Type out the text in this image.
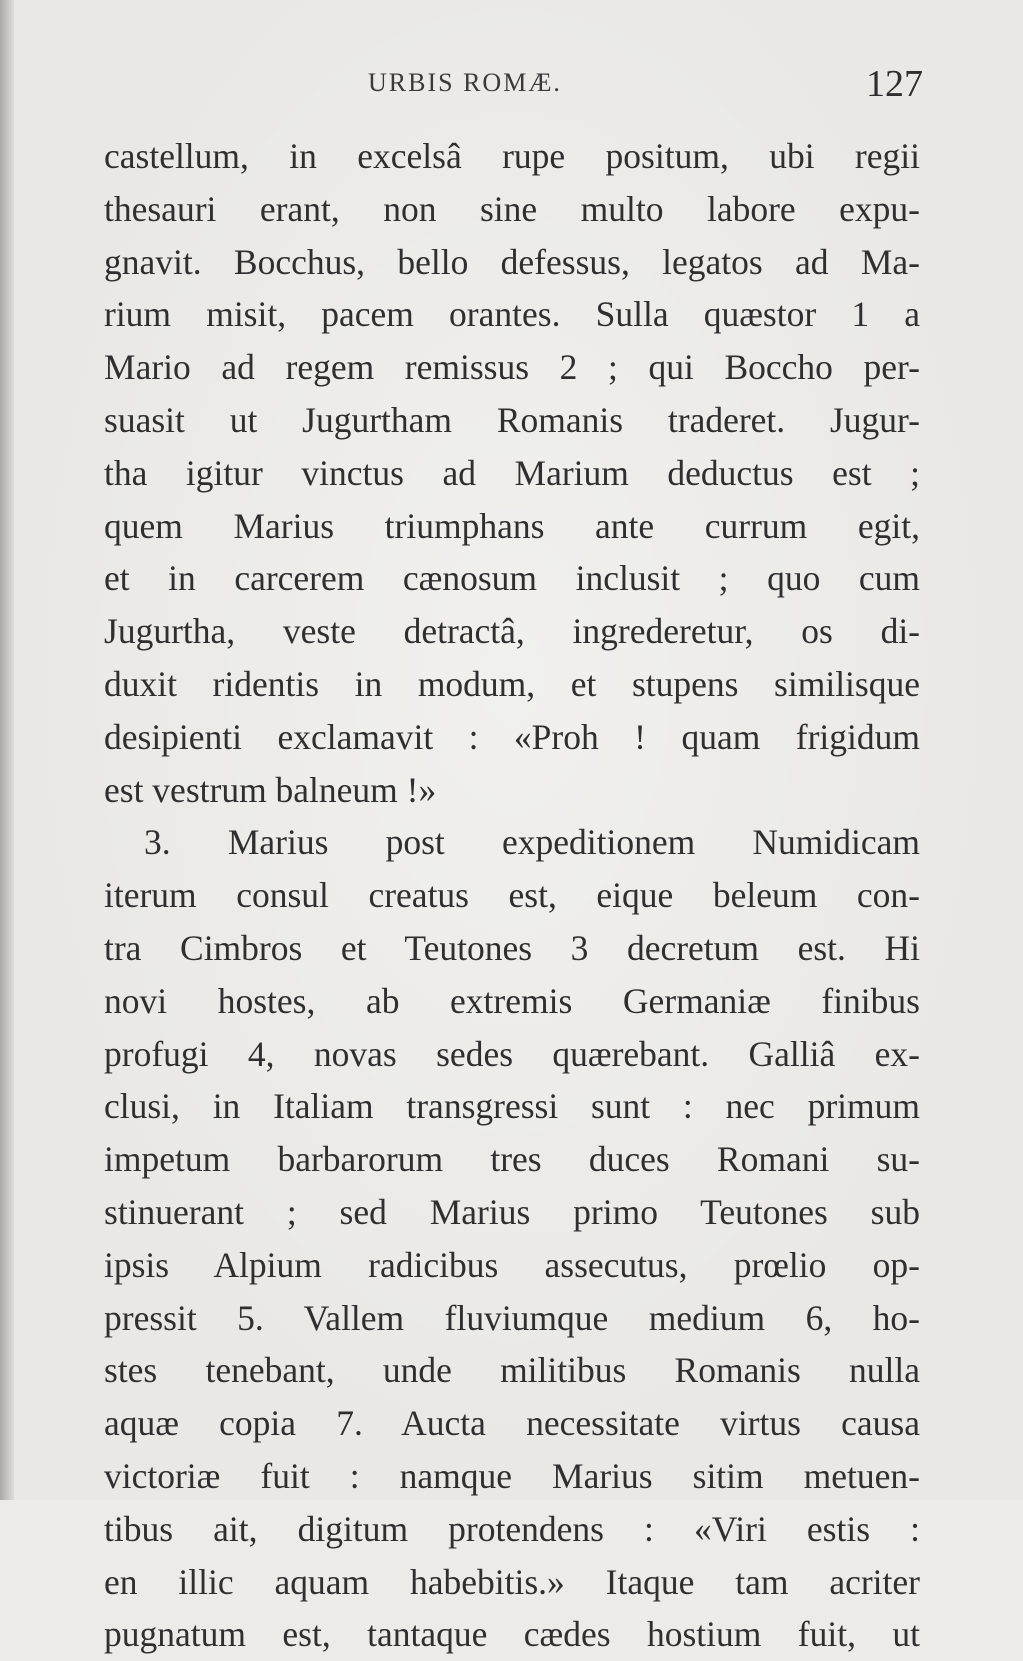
URBIS ROMÆ.	127
castellum, in excelsâ rupe positum, ubi regii
thesauri erant, non sine multo labore expu-
gnavit. Bocchus, bello defessus, legatos ad Ma-
rium misit, pacem orantes. Sulla quæstor 1 a
Mario ad regem remissus 2 ; qui Boccho per-
suasit ut Jugurtham Romanis traderet. Jugur-
tha igitur vinctus ad Marium deductus est ;
quem Marius triumphans ante currum egit,
et in carcerem cænosum inclusit ; quo cum
Jugurtha, veste detractâ, ingrederetur, os di-
duxit ridentis in modum, et stupens similisque
desipienti exclamavit : «Proh ! quam frigidum
est vestrum balneum !»
3. Marius post expeditionem Numidicam
iterum consul creatus est, eique beleum con-
tra Cimbros et Teutones 3 decretum est. Hi
novi hostes, ab extremis Germaniæ finibus
profugi 4, novas sedes quærebant. Galliâ ex-
clusi, in Italiam transgressi sunt : nec primum
impetum barbarorum tres duces Romani su-
stinuerant ; sed Marius primo Teutones sub
ipsis Alpium radicibus assecutus, prœlio op-
pressit 5. Vallem fluviumque medium 6, ho-
stes tenebant, unde militibus Romanis nulla
aquæ copia 7. Aucta necessitate virtus causa
victoriæ fuit : namque Marius sitim metuen-
tibus ait, digitum protendens : «Viri estis :
en illic aquam habebitis.» Itaque tam acriter
pugnatum est, tantaque cædes hostium fuit, ut
